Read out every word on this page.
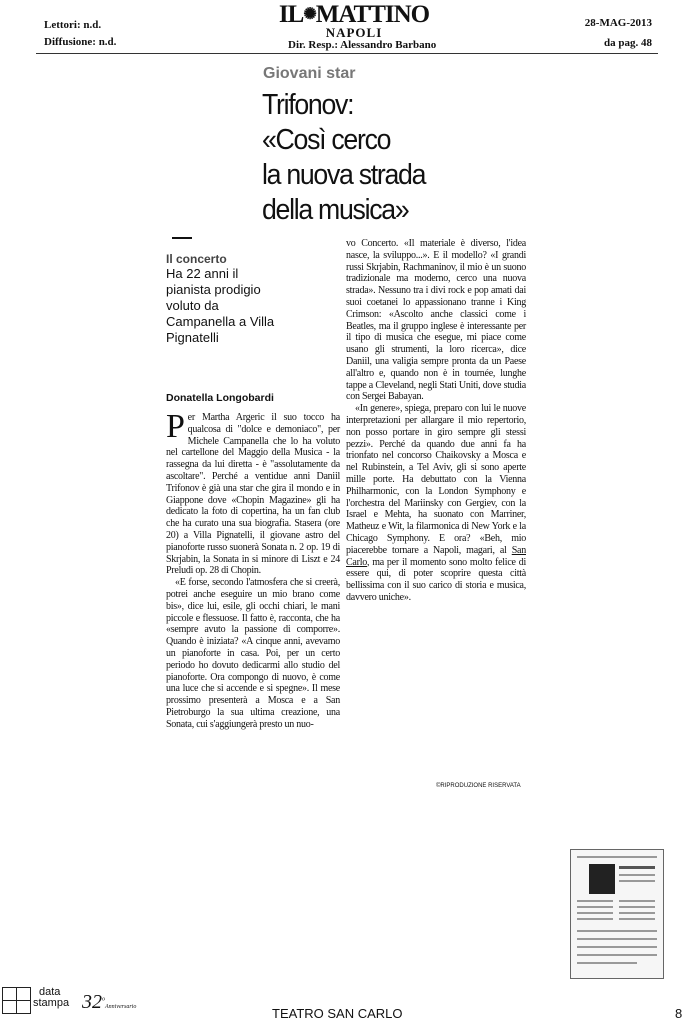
Lettori: n.d.
Diffusione: n.d.
IL✺MATTINO
NAPOLI
Dir. Resp.: Alessandro Barbano
28-MAG-2013
da pag. 48
Giovani star
Trifonov:
«Così cerco
la nuova strada
della musica»
Il concerto
Ha 22 anni il pianista prodigio voluto da Campanella a Villa Pignatelli
Donatella Longobardi

Per Martha Argeric il suo tocco ha qualcosa di "dolce e demoniaco", per Michele Campanella che lo ha voluto nel cartellone del Maggio della Musica - la rassegna da lui diretta - è "assolutamente da ascoltare". Perché a ventidue anni Daniil Trifonov è già una star che gira il mondo e in Giappone dove «Chopin Magazine» gli ha dedicato la foto di copertina, ha un fan club che ha curato una sua biografia. Stasera (ore 20) a Villa Pignatelli, il giovane astro del pianoforte russo suonerà Sonata n. 2 op. 19 di Skrjabin, la Sonata in si minore di Liszt e 24 Preludi op. 28 di Chopin.

«E forse, secondo l'atmosfera che si creerà, potrei anche eseguire un mio brano come bis», dice lui, esile, gli occhi chiari, le mani piccole e flessuose. Il fatto è, racconta, che ha «sempre avuto la passione di comporre». Quando è iniziata? «A cinque anni, avevamo un pianoforte in casa. Poi, per un certo periodo ho dovuto dedicarmi allo studio del pianoforte. Ora compongo di nuovo, è come una luce che si accende e si spegne». Il mese prossimo presenterà a Mosca e a San Pietroburgo la sua ultima creazione, una Sonata, cui s'aggiungerà presto un nuo-

vo Concerto. «Il materiale è diverso, l'idea nasce, la sviluppo...». E il modello? «I grandi russi Skrjabin, Rachmaninov, il mio è un suono tradizionale ma moderno, cerco una nuova strada». Nessuno tra i divi rock e pop amati dai suoi coetanei lo appassionano tranne i King Crimson: «Ascolto anche classici come i Beatles, ma il gruppo inglese è interessante per il tipo di musica che esegue, mi piace come usano gli strumenti, la loro ricerca», dice Daniil, una valigia sempre pronta da un Paese all'altro e, quando non è in tournée, lunghe tappe a Cleveland, negli Stati Uniti, dove studia con Sergei Babayan.

«In genere», spiega, preparo con lui le nuove interpretazioni per allargare il mio repertorio, non posso portare in giro sempre gli stessi pezzi». Perché da quando due anni fa ha trionfato nel concorso Chaikovsky a Mosca e nel Rubinstein, a Tel Aviv, gli si sono aperte mille porte. Ha debuttato con la Vienna Philharmonic, con la London Symphony e l'orchestra del Mariinsky con Gergiev, con la Israel e Mehta, ha suonato con Marriner, Matheuz e Wit, la filarmonica di New York e la Chicago Symphony. E ora? «Beh, mio piacerebbe tornare a Napoli, magari, al San Carlo, ma per il momento sono molto felice di essere qui, di poter scoprire questa città bellissima con il suo carico di storia e musica, davvero uniche».

©RIPRODUZIONE RISERVATA
data
stampa 32$^o$Anniversario	TEATRO SAN CARLO	8
